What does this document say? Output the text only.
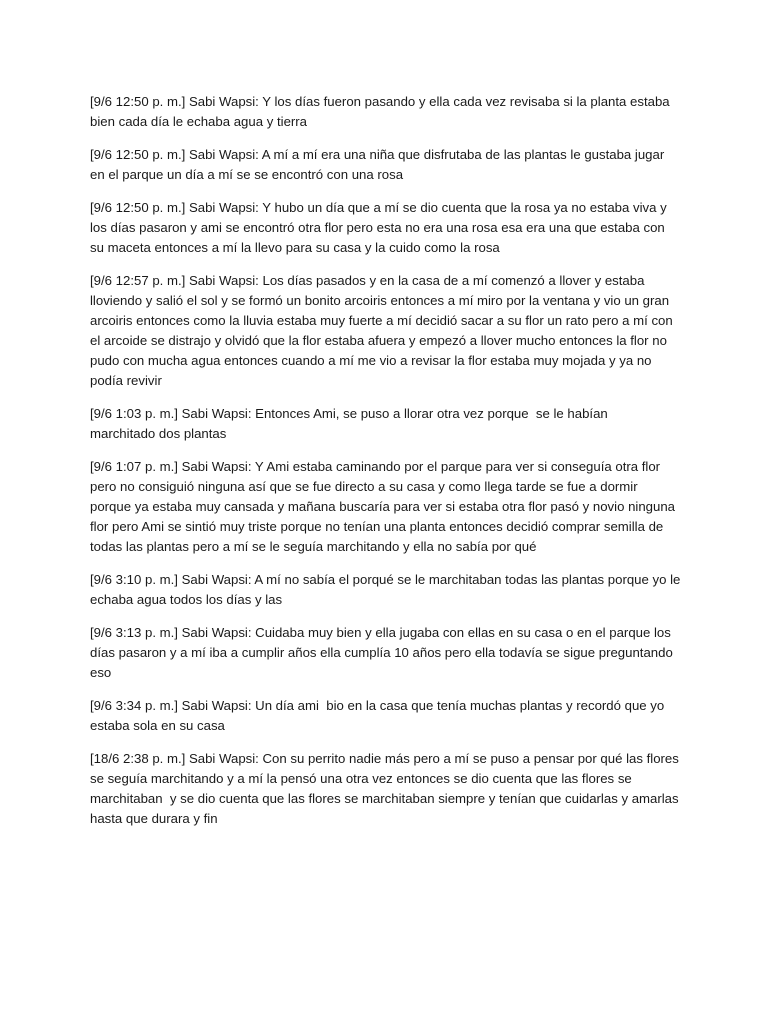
[9/6 12:50 p. m.] Sabi Wapsi: Y los días fueron pasando y ella cada vez revisaba si la planta estaba bien cada día le echaba agua y tierra

[9/6 12:50 p. m.] Sabi Wapsi: A mí a mí era una niña que disfrutaba de las plantas le gustaba jugar en el parque un día a mí se se encontró con una rosa

[9/6 12:50 p. m.] Sabi Wapsi: Y hubo un día que a mí se dio cuenta que la rosa ya no estaba viva y los días pasaron y ami se encontró otra flor pero esta no era una rosa esa era una que estaba con su maceta entonces a mí la llevo para su casa y la cuido como la rosa

[9/6 12:57 p. m.] Sabi Wapsi: Los días pasados y en la casa de a mí comenzó a llover y estaba lloviendo y salió el sol y se formó un bonito arcoiris entonces a mí miro por la ventana y vio un gran arcoiris entonces como la lluvia estaba muy fuerte a mí decidió sacar a su flor un rato pero a mí con el arcoide se distrajo y olvidó que la flor estaba afuera y empezó a llover mucho entonces la flor no pudo con mucha agua entonces cuando a mí me vio a revisar la flor estaba muy mojada y ya no podía revivir

[9/6 1:03 p. m.] Sabi Wapsi: Entonces Ami, se puso a llorar otra vez porque  se le habían   marchitado dos plantas

[9/6 1:07 p. m.] Sabi Wapsi: Y Ami estaba caminando por el parque para ver si conseguía otra flor pero no consiguió ninguna así que se fue directo a su casa y como llega tarde se fue a dormir porque ya estaba muy cansada y mañana buscaría para ver si estaba otra flor pasó y novio ninguna flor pero Ami se sintió muy triste porque no tenían una planta entonces decidió comprar semilla de todas las plantas pero a mí se le seguía marchitando y ella no sabía por qué

[9/6 3:10 p. m.] Sabi Wapsi: A mí no sabía el porqué se le marchitaban todas las plantas porque yo le echaba agua todos los días y las

[9/6 3:13 p. m.] Sabi Wapsi: Cuidaba muy bien y ella jugaba con ellas en su casa o en el parque los días pasaron y a mí iba a cumplir años ella cumplía 10 años pero ella todavía se sigue preguntando eso

[9/6 3:34 p. m.] Sabi Wapsi: Un día ami  bio en la casa que tenía muchas plantas y recordó que yo estaba sola en su casa

[18/6 2:38 p. m.] Sabi Wapsi: Con su perrito nadie más pero a mí se puso a pensar por qué las flores se seguía marchitando y a mí la pensó una otra vez entonces se dio cuenta que las flores se marchitaban  y se dio cuenta que las flores se marchitaban siempre y tenían que cuidarlas y amarlas hasta que durara y fin
